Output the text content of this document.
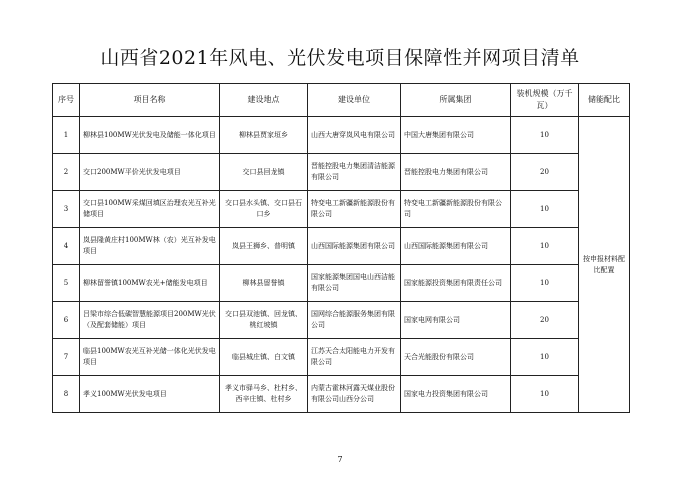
山西省2021年风电、光伏发电项目保障性并网项目清单
序号	项目名称	建设地点	建设单位	所属集团	装机规模（万千瓦）	储能配比
1	柳林县100MW光伏发电及储能一体化项目	柳林县贾家垣乡	山西大唐穿岚风电有限公司	中国大唐集团有限公司	10	按申报材料配比配置
2	交口200MW平价光伏发电项目	交口县回龙镇	晋能控股电力集团清洁能源有限公司	晋能控股电力集团有限公司	20	
3	交口县100MW采煤回填区治理农光互补光储项目	交口县水头镇、交口县石口乡	特变电工新疆新能源股份有限公司	特变电工新疆新能源股份有限公司	10	
4	岚县隆黄庄村100MW林（农）光互补发电项目	岚县王狮乡、普明镇	山西国际能源集团有限公司	山西国际能源集团有限公司	10	
5	柳林留誉镇100MW农光+储能发电项目	柳林县留誉镇	国家能源集团国电山西洁能有限公司	国家能源投资集团有限责任公司	10	
6	吕梁市综合低碳智慧能源项目200MW光伏（及配套储能）项目	交口县双池镇、回龙镇、桃红坡镇	国网综合能源服务集团有限公司	国家电网有限公司	20	
7	临县100MW农光互补光储一体化光伏发电项目	临县城庄镇、白文镇	江苏天合太阳能电力开发有限公司	天合光能股份有限公司	10	
8	孝义100MW光伏发电项目	孝义市驿马乡、杜村乡、西辛庄镇、杜村乡	内蒙古霍林河露天煤业股份有限公司山西分公司	国家电力投资集团有限公司	10	
7
